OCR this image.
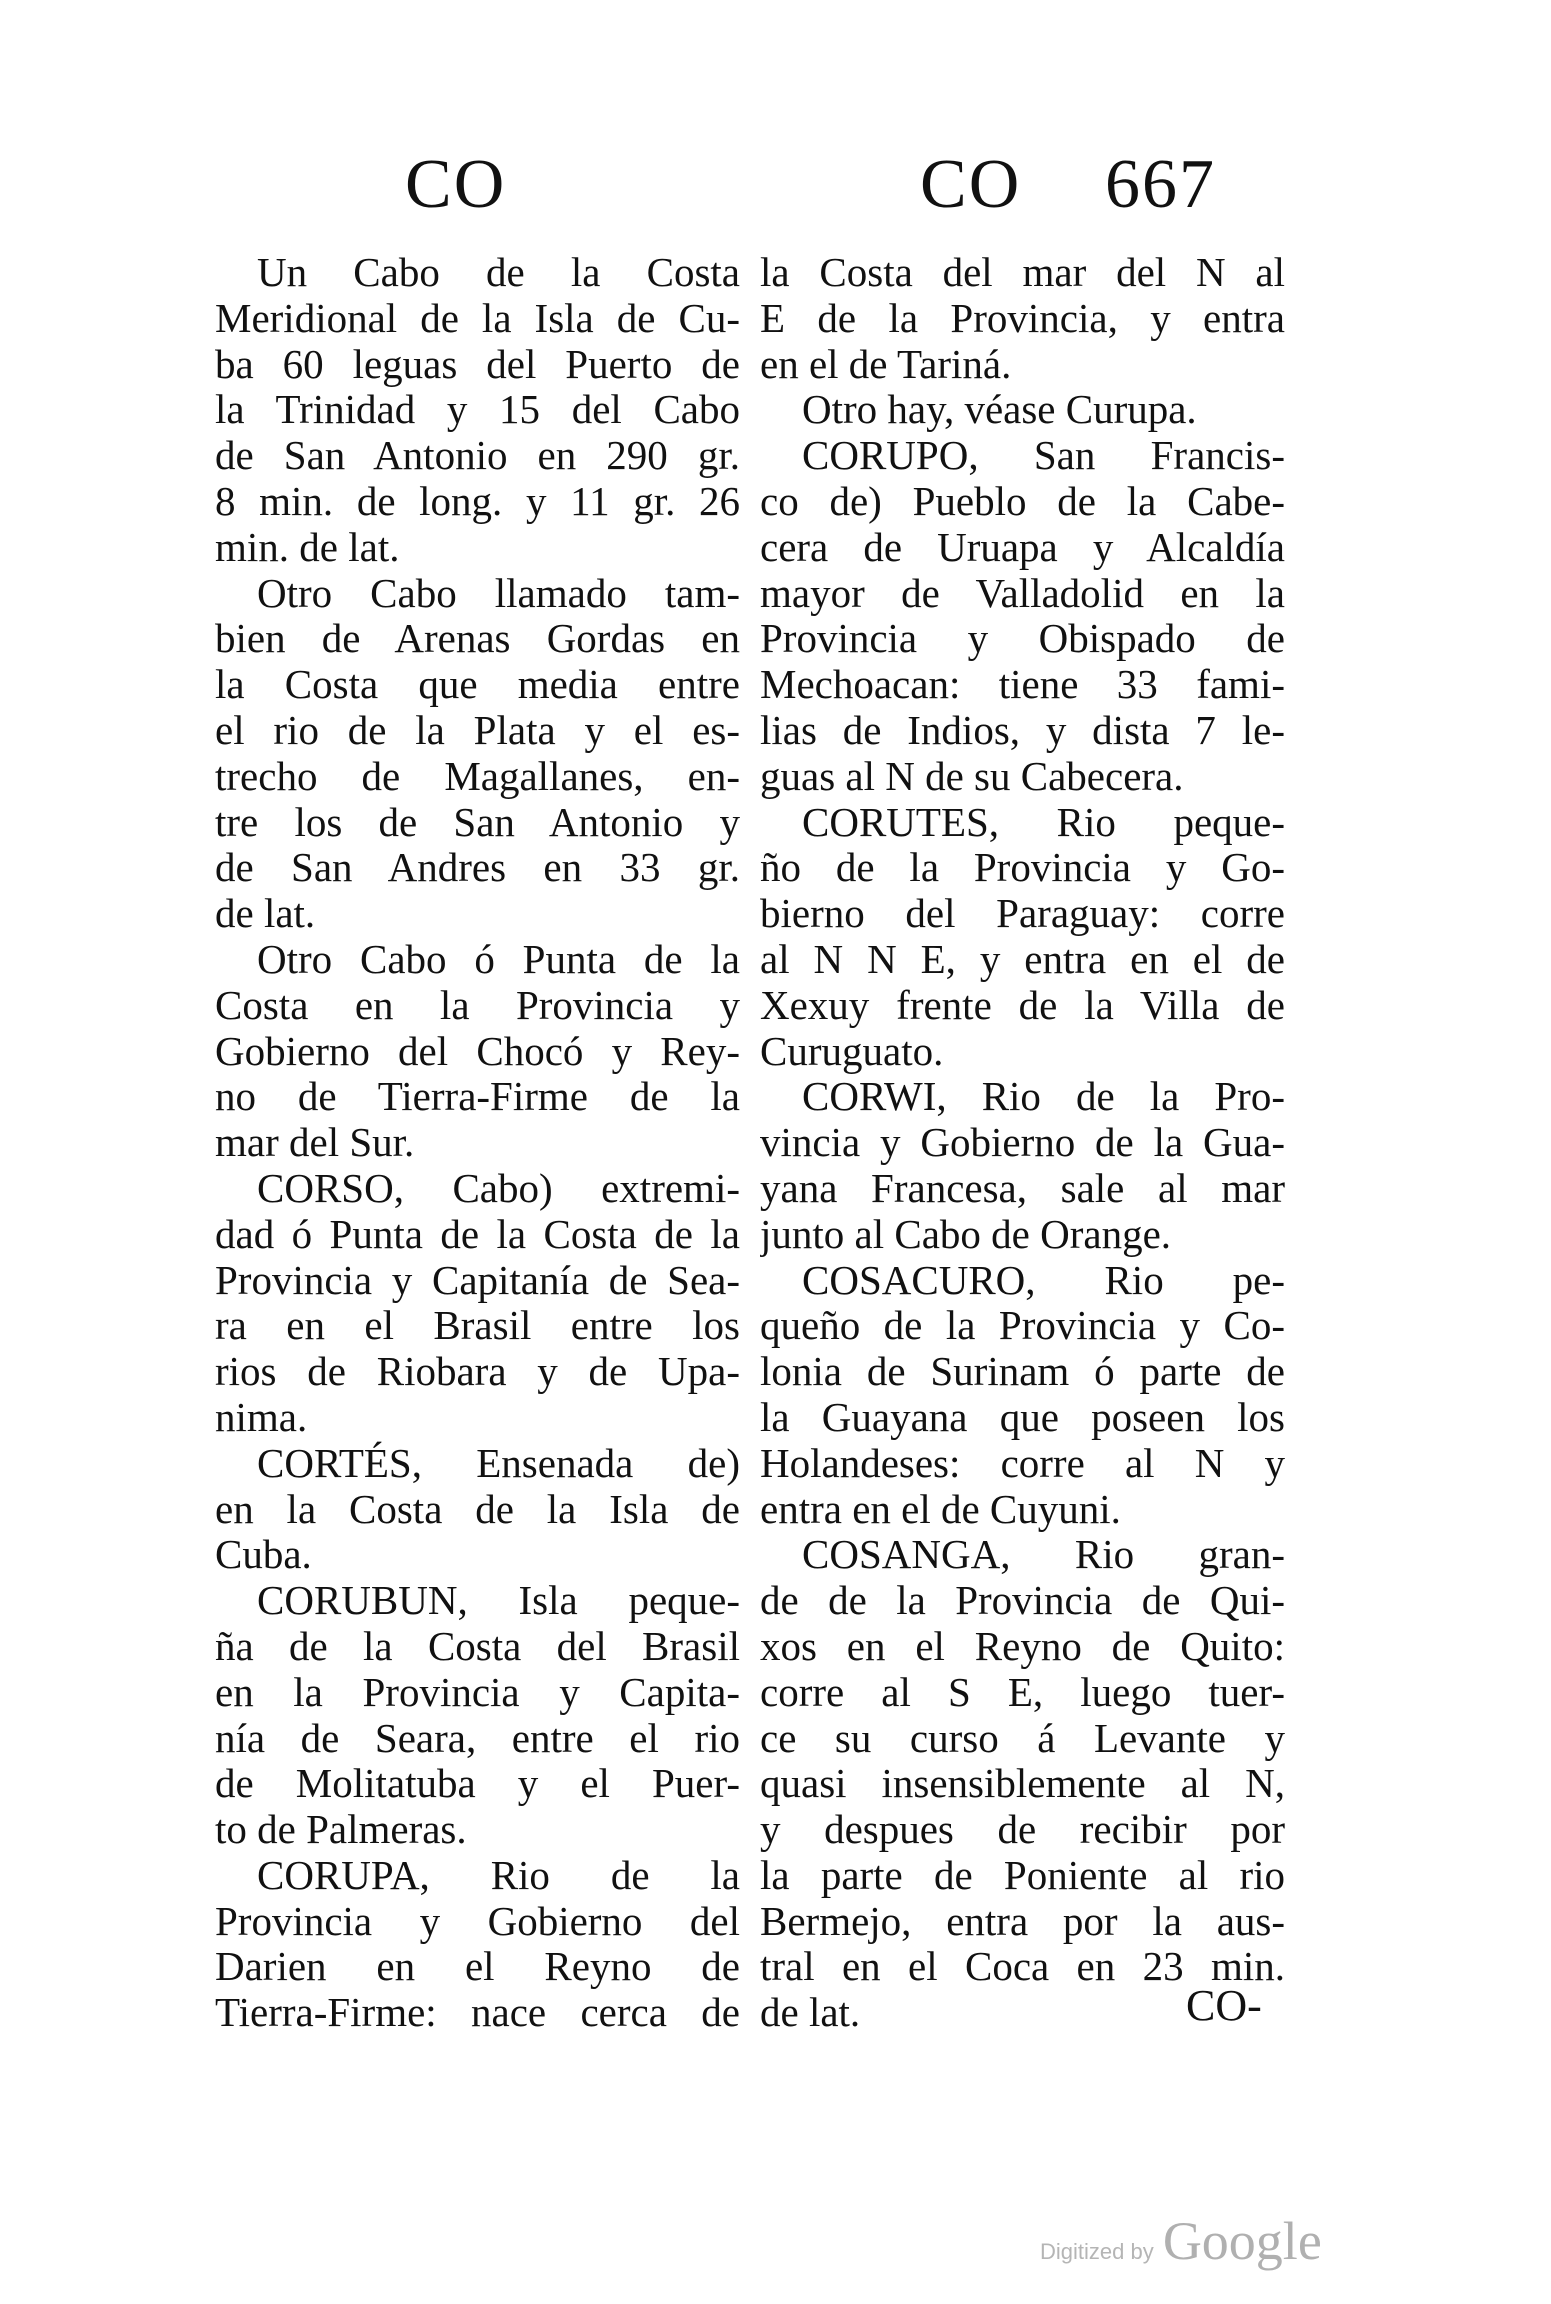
CO	CO 667
Un Cabo de la Costa
Meridional de la Isla de Cu-
ba 60 leguas del Puerto de
la Trinidad y 15 del Cabo
de San Antonio en 290 gr.
8 min. de long. y 11 gr. 26
min. de lat.
Otro Cabo llamado tam-
bien de Arenas Gordas en
la Costa que media entre
el rio de la Plata y el es-
trecho de Magallanes, en-
tre los de San Antonio y
de San Andres en 33 gr.
de lat.
Otro Cabo ó Punta de la
Costa en la Provincia y
Gobierno del Chocó y Rey-
no de Tierra-Firme de la
mar del Sur.
CORSO, Cabo) extremi-
dad ó Punta de la Costa de la
Provincia y Capitanía de Sea-
ra en el Brasil entre los
rios de Riobara y de Upa-
nima.
CORTÉS, Ensenada de)
en la Costa de la Isla de
Cuba.
CORUBUN, Isla peque-
ña de la Costa del Brasil
en la Provincia y Capita-
nía de Seara, entre el rio
de Molitatuba y el Puer-
to de Palmeras.
CORUPA, Rio de la
Provincia y Gobierno del
Darien en el Reyno de
Tierra-Firme: nace cerca de
la Costa del mar del N al
E de la Provincia, y entra
en el de Tariná.
Otro hay, véase Curupa.
CORUPO, San Francis-
co de) Pueblo de la Cabe-
cera de Uruapa y Alcaldía
mayor de Valladolid en la
Provincia y Obispado de
Mechoacan: tiene 33 fami-
lias de Indios, y dista 7 le-
guas al N de su Cabecera.
CORUTES, Rio peque-
ño de la Provincia y Go-
bierno del Paraguay: corre
al N N E, y entra en el de
Xexuy frente de la Villa de
Curuguato.
CORWI, Rio de la Pro-
vincia y Gobierno de la Gua-
yana Francesa, sale al mar
junto al Cabo de Orange.
COSACURO, Rio pe-
queño de la Provincia y Co-
lonia de Surinam ó parte de
la Guayana que poseen los
Holandeses: corre al N y
entra en el de Cuyuni.
COSANGA, Rio gran-
de de la Provincia de Qui-
xos en el Reyno de Quito:
corre al S E, luego tuer-
ce su curso á Levante y
quasi insensiblemente al N,
y despues de recibir por
la parte de Poniente al rio
Bermejo, entra por la aus-
tral en el Coca en 23 min.
de lat.	CO-
Digitized by Google
